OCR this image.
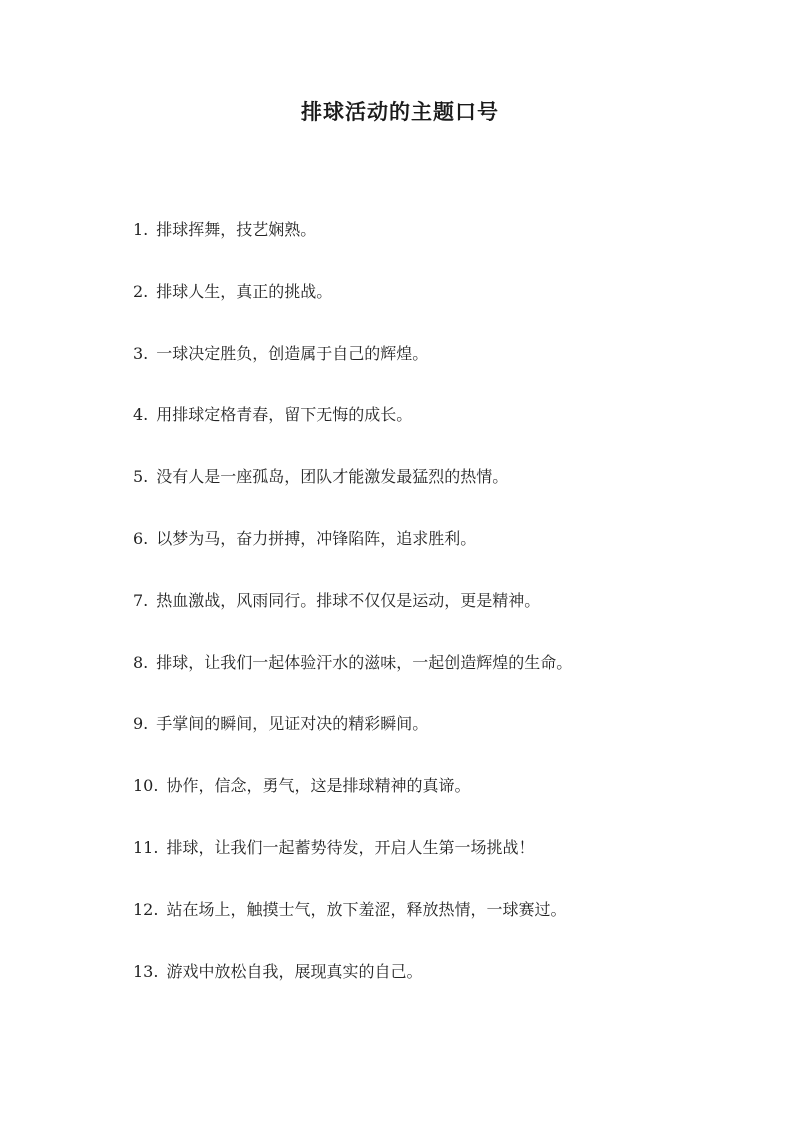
排球活动的主题口号
1. 排球挥舞，技艺娴熟。
2. 排球人生，真正的挑战。
3. 一球决定胜负，创造属于自己的辉煌。
4. 用排球定格青春，留下无悔的成长。
5. 没有人是一座孤岛，团队才能激发最猛烈的热情。
6. 以梦为马，奋力拼搏，冲锋陷阵，追求胜利。
7. 热血激战，风雨同行。排球不仅仅是运动，更是精神。
8. 排球，让我们一起体验汗水的滋味，一起创造辉煌的生命。
9. 手掌间的瞬间，见证对决的精彩瞬间。
10. 协作，信念，勇气，这是排球精神的真谛。
11. 排球，让我们一起蓄势待发，开启人生第一场挑战！
12. 站在场上，触摸士气，放下羞涩，释放热情，一球赛过。
13. 游戏中放松自我，展现真实的自己。
